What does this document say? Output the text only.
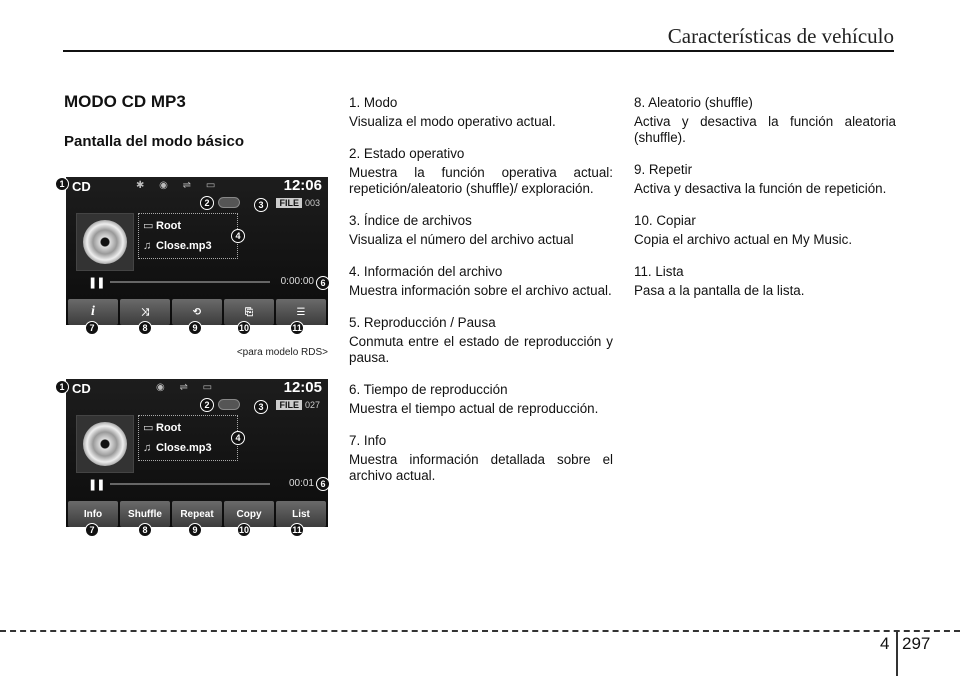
Características de vehículo
MODO CD MP3
Pantalla del modo básico
CD	✱ ◉ ⇌ ▭	12:06
FILE 003
▭ Root
♫ Close.mp3
❚❚	0:00:00
i	⤨	⟲	⎘	☰
CD	◉ ⇌ ▭	12:05
FILE 027
▭ Root
♫ Close.mp3
❚❚	00:01
Info	Shuffle	Repeat	Copy	List
1
2	3
4
6
7	8	9	10	11
<para modelo RDS>
1
2	3
4
6
7	8	9	10	11
1. Modo
Visualiza el modo operativo actual.
2. Estado operativo
Muestra la función operativa actual: repetición/aleatorio (shuffle)/ exploración.
3. Índice de archivos
Visualiza el número del archivo actual
4. Información del archivo
Muestra información sobre el archivo actual.
5. Reproducción / Pausa
Conmuta entre el estado de reproducción y pausa.
6. Tiempo de reproducción
Muestra el tiempo actual de reproducción.
7. Info
Muestra información detallada sobre el archivo actual.
8. Aleatorio (shuffle)
Activa y desactiva la función aleatoria (shuffle).
9. Repetir
Activa y desactiva la función de repetición.
10. Copiar
Copia el archivo actual en My Music.
11. Lista
Pasa a la pantalla de la lista.
4 297
